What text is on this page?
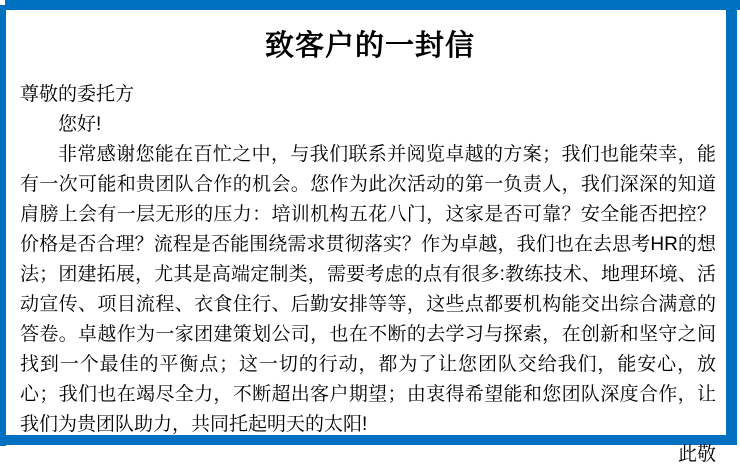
致客户的一封信

尊敬的委托方

您好!

非常感谢您能在百忙之中，与我们联系并阅览卓越的方案；我们也能荣幸，能有一次可能和贵团队合作的机会。您作为此次活动的第一负责人，我们深深的知道肩膀上会有一层无形的压力：培训机构五花八门，这家是否可靠？安全能否把控？价格是否合理？流程是否能围绕需求贯彻落实？作为卓越，我们也在去思考HR的想法；团建拓展，尤其是高端定制类，需要考虑的点有很多:教练技术、地理环境、活动宣传、项目流程、衣食住行、后勤安排等等，这些点都要机构能交出综合满意的答卷。卓越作为一家团建策划公司，也在不断的去学习与探索，在创新和坚守之间找到一个最佳的平衡点；这一切的行动，都为了让您团队交给我们，能安心，放心；我们也在竭尽全力，不断超出客户期望；由衷得希望能和您团队深度合作，让我们为贵团队助力，共同托起明天的太阳!

此敬
